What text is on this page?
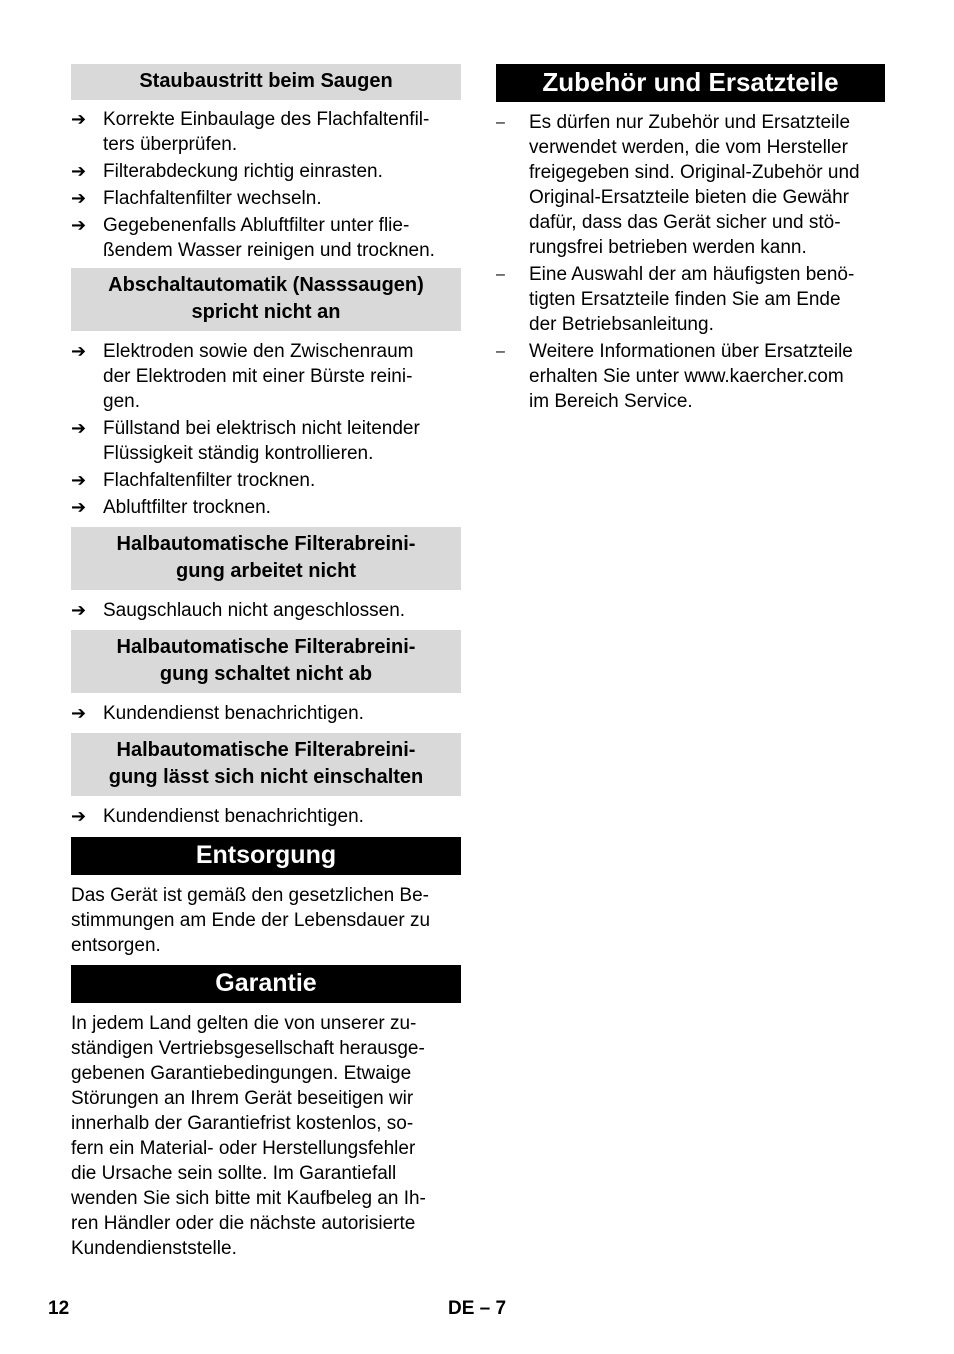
Staubaustritt beim Saugen
➔ Korrekte Einbaulage des Flachfaltenfil-
ters überprüfen.
➔ Filterabdeckung richtig einrasten.
➔ Flachfaltenfilter wechseln.
➔ Gegebenenfalls Abluftfilter unter flie-
ßendem Wasser reinigen und trocknen.
Abschaltautomatik (Nasssaugen)
spricht nicht an
➔ Elektroden sowie den Zwischenraum
der Elektroden mit einer Bürste reini-
gen.
➔ Füllstand bei elektrisch nicht leitender
Flüssigkeit ständig kontrollieren.
➔ Flachfaltenfilter trocknen.
➔ Abluftfilter trocknen.
Halbautomatische Filterabreini-
gung arbeitet nicht
➔ Saugschlauch nicht angeschlossen.
Halbautomatische Filterabreini-
gung schaltet nicht ab
➔ Kundendienst benachrichtigen.
Halbautomatische Filterabreini-
gung lässt sich nicht einschalten
➔ Kundendienst benachrichtigen.
Entsorgung

Das Gerät ist gemäß den gesetzlichen Be-
stimmungen am Ende der Lebensdauer zu
entsorgen.

Garantie

In jedem Land gelten die von unserer zu-
ständigen Vertriebsgesellschaft herausge-
gebenen Garantiebedingungen. Etwaige
Störungen an Ihrem Gerät beseitigen wir
innerhalb der Garantiefrist kostenlos, so-
fern ein Material- oder Herstellungsfehler
die Ursache sein sollte. Im Garantiefall
wenden Sie sich bitte mit Kaufbeleg an Ih-
ren Händler oder die nächste autorisierte
Kundendienststelle.

Zubehör und Ersatzteile
– Es dürfen nur Zubehör und Ersatzteile
verwendet werden, die vom Hersteller
freigegeben sind. Original-Zubehör und
Original-Ersatzteile bieten die Gewähr
dafür, dass das Gerät sicher und stö-
rungsfrei betrieben werden kann.
– Eine Auswahl der am häufigsten benö-
tigten Ersatzteile finden Sie am Ende
der Betriebsanleitung.
– Weitere Informationen über Ersatzteile
erhalten Sie unter www.kaercher.com
im Bereich Service.
12	DE – 7
